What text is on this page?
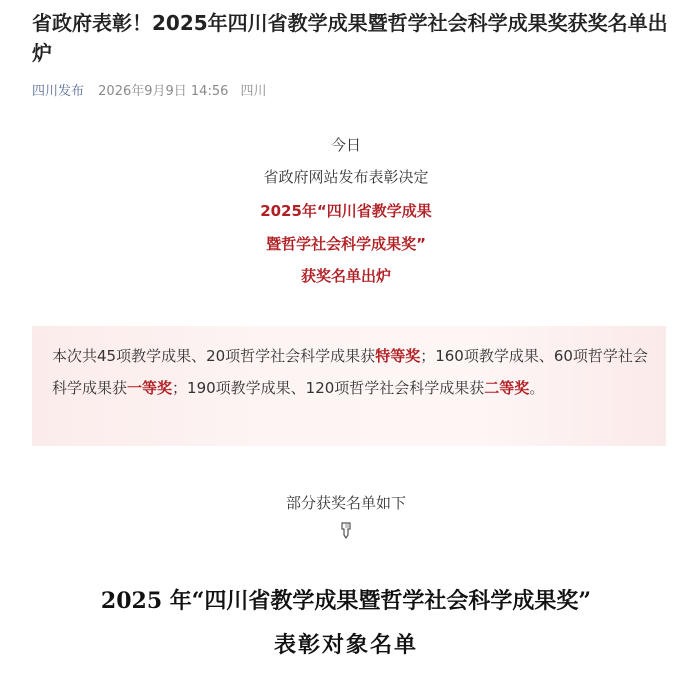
省政府表彰！2025年四川省教学成果暨哲学社会科学成果奖获奖名单出炉
四川发布 2026年9月9日 14:56 四川
今日
省政府网站发布表彰决定
2025年“四川省教学成果
暨哲学社会科学成果奖”
获奖名单出炉

本次共45项教学成果、20项哲学社会科学成果获特等奖；160项教学成果、60项哲学社会科学成果获一等奖；190项教学成果、120项哲学社会科学成果获二等奖。

部分获奖名单如下
2025 年“四川省教学成果暨哲学社会科学成果奖”
表彰对象名单
